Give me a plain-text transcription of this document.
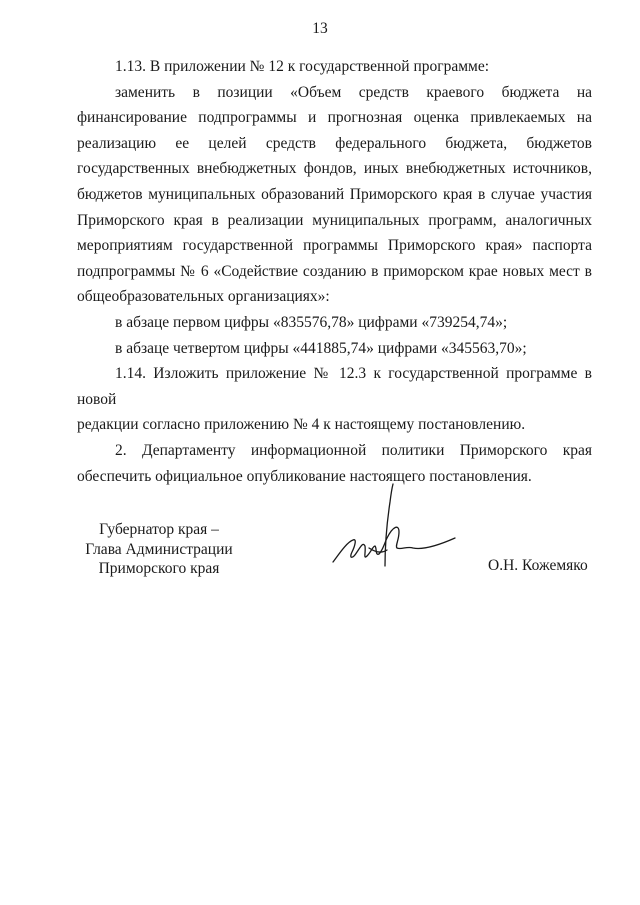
13

1.13. В приложении № 12 к государственной программе:

заменить в позиции «Объем средств краевого бюджета на

финансирование подпрограммы и прогнозная оценка привлекаемых на

реализацию ее целей средств федерального бюджета, бюджетов

государственных внебюджетных фондов, иных внебюджетных источников,

бюджетов муниципальных образований Приморского края в случае участия

Приморского края в реализации муниципальных программ, аналогичных

мероприятиям государственной программы Приморского края» паспорта

подпрограммы № 6 «Содействие созданию в приморском крае новых мест в

общеобразовательных организациях»:

в абзаце первом цифры «835576,78» цифрами «739254,74»;

в абзаце четвертом цифры «441885,74» цифрами «345563,70»;

1.14. Изложить приложение № 12.3 к государственной программе в новой

редакции согласно приложению № 4 к настоящему постановлению.

2. Департаменту информационной политики Приморского края

обеспечить официальное опубликование настоящего постановления.

Губернатор края –
Глава Администрации
Приморского края	О.Н. Кожемяко
